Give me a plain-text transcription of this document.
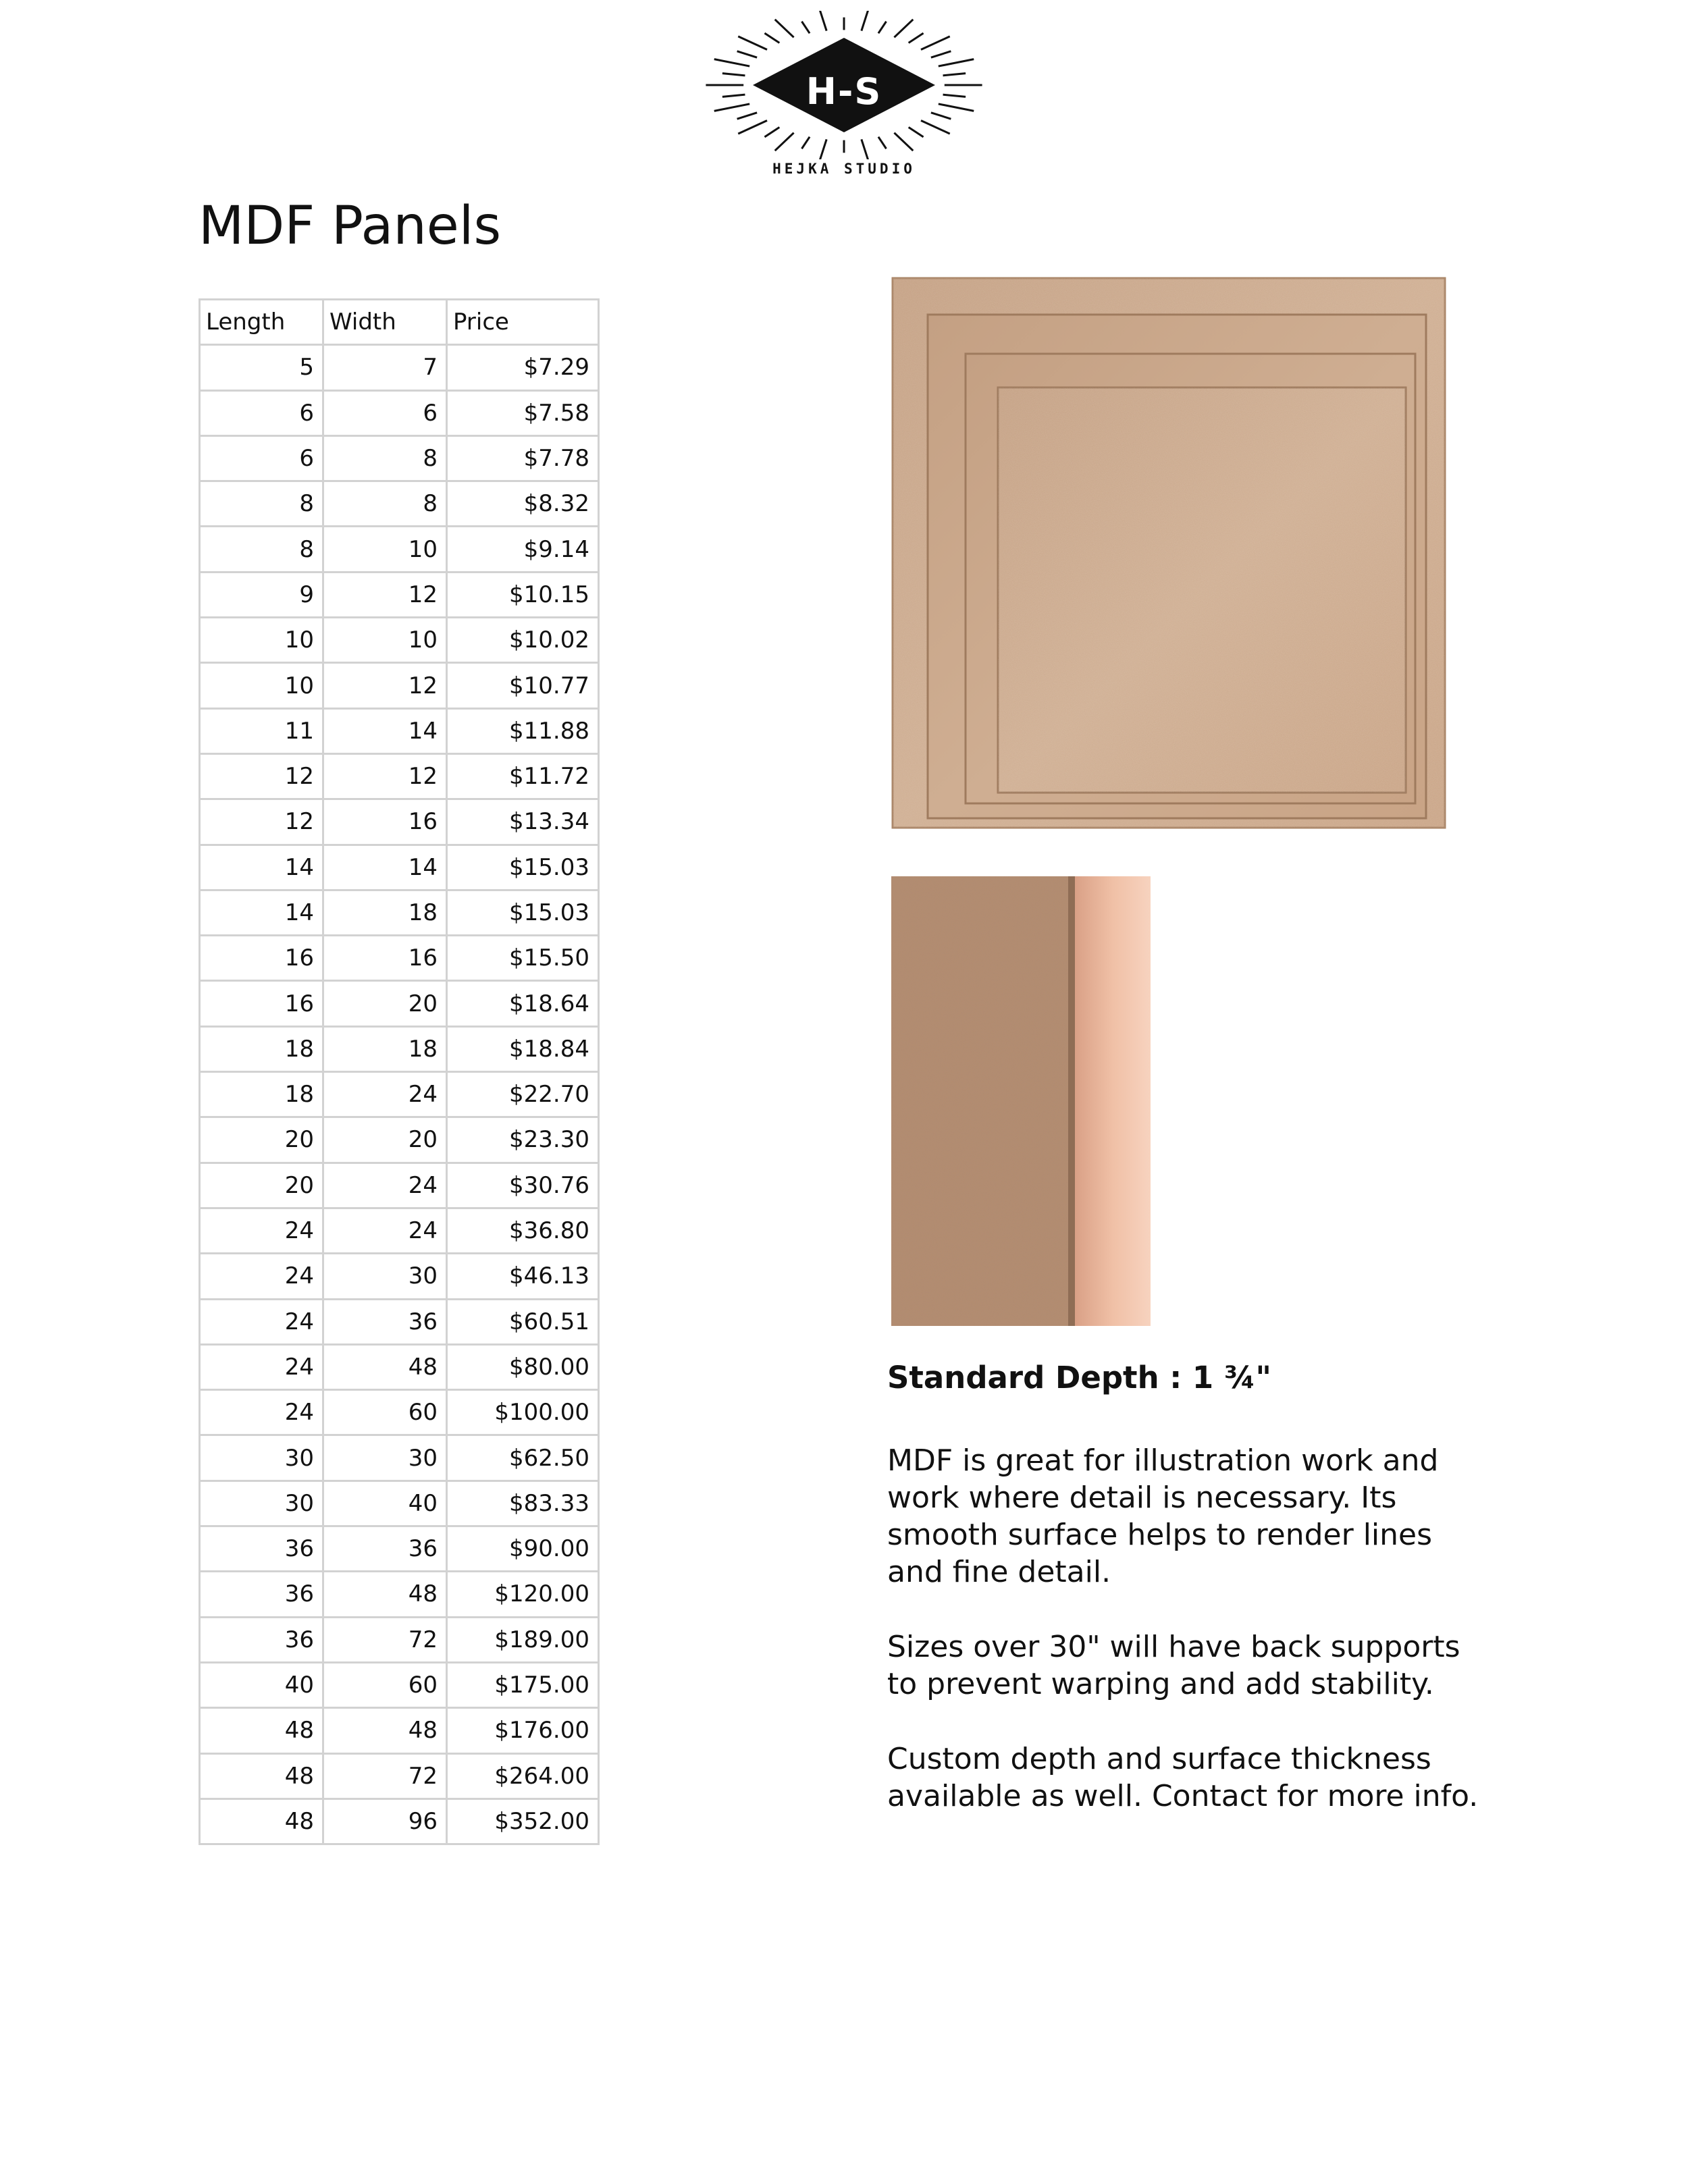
H-S
HEJKA STUDIO
MDF Panels
Length	Width	Price
5	7	$7.29
6	6	$7.58
6	8	$7.78
8	8	$8.32
8	10	$9.14
9	12	$10.15
10	10	$10.02
10	12	$10.77
11	14	$11.88
12	12	$11.72
12	16	$13.34
14	14	$15.03
14	18	$15.03
16	16	$15.50
16	20	$18.64
18	18	$18.84
18	24	$22.70
20	20	$23.30
20	24	$30.76
24	24	$36.80
24	30	$46.13
24	36	$60.51
24	48	$80.00
24	60	$100.00
30	30	$62.50
30	40	$83.33
36	36	$90.00
36	48	$120.00
36	72	$189.00
40	60	$175.00
48	48	$176.00
48	72	$264.00
48	96	$352.00
Standard Depth : 1 ¾"

MDF is great for illustration work and work where detail is necessary. Its smooth surface helps to render lines and fine detail.

Sizes over 30" will have back supports to prevent warping and add stability.

Custom depth and surface thickness available as well. Contact for more info.
